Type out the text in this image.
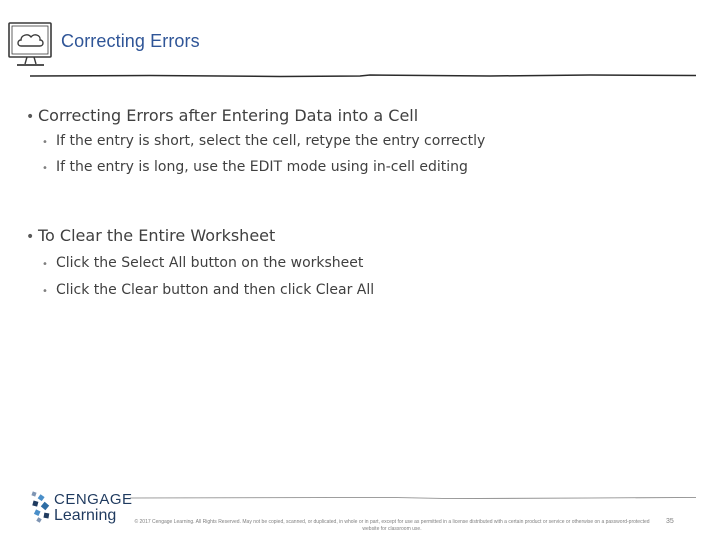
Correcting Errors
• Correcting Errors after Entering Data into a Cell
• If the entry is short, select the cell, retype the entry correctly
• If the entry is long, use the EDIT mode using in-cell editing
• To Clear the Entire Worksheet
• Click the Select All button on the worksheet
• Click the Clear button and then click Clear All
CENGAGE
Learning	© 2017 Cengage Learning. All Rights Reserved. May not be copied, scanned, or duplicated, in whole or in part, except for use as permitted in a license distributed with a certain product or service or otherwise on a password-protected website for classroom use.
35
